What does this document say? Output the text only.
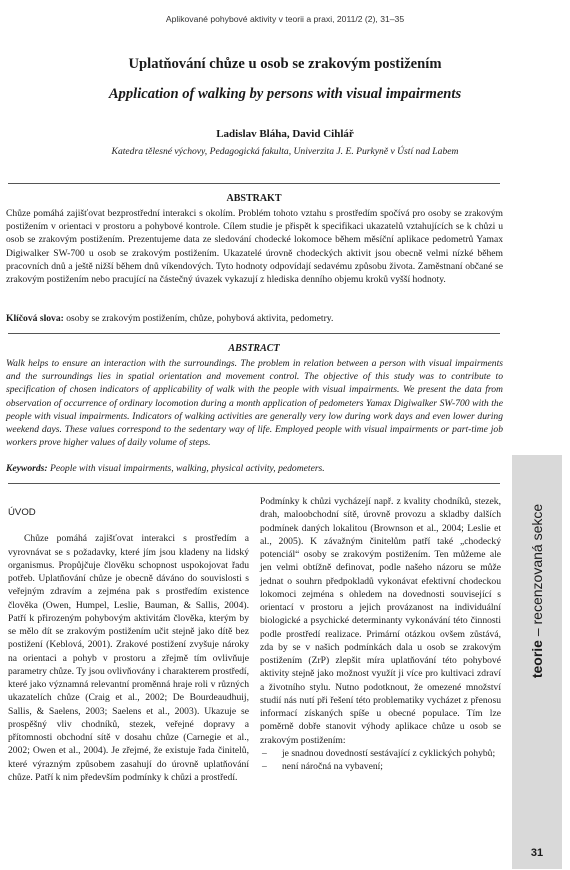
Aplikované pohybové aktivity v teorii a praxi, 2011/2 (2), 31–35
Uplatňování chůze u osob se zrakovým postižením
Application of walking by persons with visual impairments
Ladislav Bláha, David Cihlář
Katedra tělesné výchovy, Pedagogická fakulta, Univerzita J. E. Purkyně v Ústí nad Labem
ABSTRAKT
Chůze pomáhá zajišťovat bezprostřední interakci s okolím. Problém tohoto vztahu s prostředím spočívá pro osoby se zrakovým postižením v orientaci v prostoru a pohybové kontrole. Cílem studie je přispět k specifikaci ukazatelů vztahujících se k chůzi u osob se zrakovým postižením. Prezentujeme data ze sledování chodecké lokomoce během měsíční aplikace pedometrů Yamax Digiwalker SW-700 u osob se zrakovým postižením. Ukazatelé úrovně chodeckých aktivit jsou obecně velmi nízké během pracovních dnů a ještě nižší během dnů víkendových. Tyto hodnoty odpovídají sedavému způsobu života. Zaměstnaní občané se zrakovým postižením nebo pracující na částečný úvazek vykazují z hlediska denního objemu kroků vyšší hodnoty.
Klíčová slova: osoby se zrakovým postižením, chůze, pohybová aktivita, pedometry.
ABSTRACT
Walk helps to ensure an interaction with the surroundings. The problem in relation between a person with visual impairments and the surroundings lies in spatial orientation and movement control. The objective of this study was to contribute to specification of chosen indicators of applicability of walk with the people with visual impairments. We present the data from observation of occurrence of ordinary locomotion during a month application of pedometers Yamax Digiwalker SW-700 with the people with visual impairments. Indicators of walking activities are generally very low during work days and even lower during weekend days. These values correspond to the sedentary way of life. Employed people with visual impairments or part-time job workers prove higher values of daily volume of steps.
Keywords: People with visual impairments, walking, physical activity, pedometers.
ÚVOD

Chůze pomáhá zajišťovat interakci s prostředím a vyrovnávat se s požadavky, které jím jsou kladeny na lidský organismus. Propůjčuje člověku schopnost uspokojovat řadu potřeb. Uplatňování chůze je obecně dáváno do souvislosti s veřejným zdravím a zejména pak s prostředím existence člověka (Owen, Humpel, Leslie, Bauman, & Sallis, 2004). Patří k přirozeným pohybovým aktivitám člověka, kterým by se mělo dít se zrakovým postižením učit stejně jako dítě bez postižení (Keblová, 2001). Zrakové postižení zvyšuje nároky na orientaci a pohyb v prostoru a zřejmě tím ovlivňuje parametry chůze. Ty jsou ovlivňovány i charakterem prostředí, které jako významná relevantní proměnná hraje roli v různých ukazatelích chůze (Craig et al., 2002; De Bourdeaudhuij, Sallis, & Saelens, 2003; Saelens et al., 2003). Ukazuje se prospěšný vliv chodníků, stezek, veřejné dopravy a přítomnosti obchodní sítě v dosahu chůze (Carnegie et al., 2002; Owen et al., 2004). Je zřejmé, že existuje řada činitelů, které výrazným způsobem zasahují do úrovně uplatňování chůze. Patří k nim především podmínky k chůzi a prostředí.

Podmínky k chůzi vycházejí např. z kvality chodníků, stezek, drah, maloobchodní sítě, úrovně provozu a skladby dalších podmínek daných lokalitou (Brownson et al., 2004; Leslie et al., 2005). K závažným činitelům patří také „chodecký potenciál“ osoby se zrakovým postižením. Ten můžeme ale jen velmi obtížně definovat, podle našeho názoru se může jednat o souhrn předpokladů vykonávat efektivní chodeckou lokomoci zejména s ohledem na dovednosti související s orientací v prostoru a jejich provázanost na individuální biologické a psychické determinanty vykonávání této činnosti podle prostředí realizace. Primární otázkou ovšem zůstává, zda by se v našich podmínkách dala u osob se zrakovým postižením (ZrP) zlepšit míra uplatňování této pohybové aktivity stejně jako možnost využít ji více pro kultivaci zdraví a životního stylu. Nutno podotknout, že omezené množství studií nás nutí při řešení této problematiky vycházet z přenosu informací získaných spíše u obecné populace. Tím lze poměrně dobře stanovit výhody aplikace chůze u osob se zrakovým postižením:

– je snadnou dovedností sestávající z cyklických pohybů;
– není náročná na vybavení;
teorie – recenzovaná sekce
31
